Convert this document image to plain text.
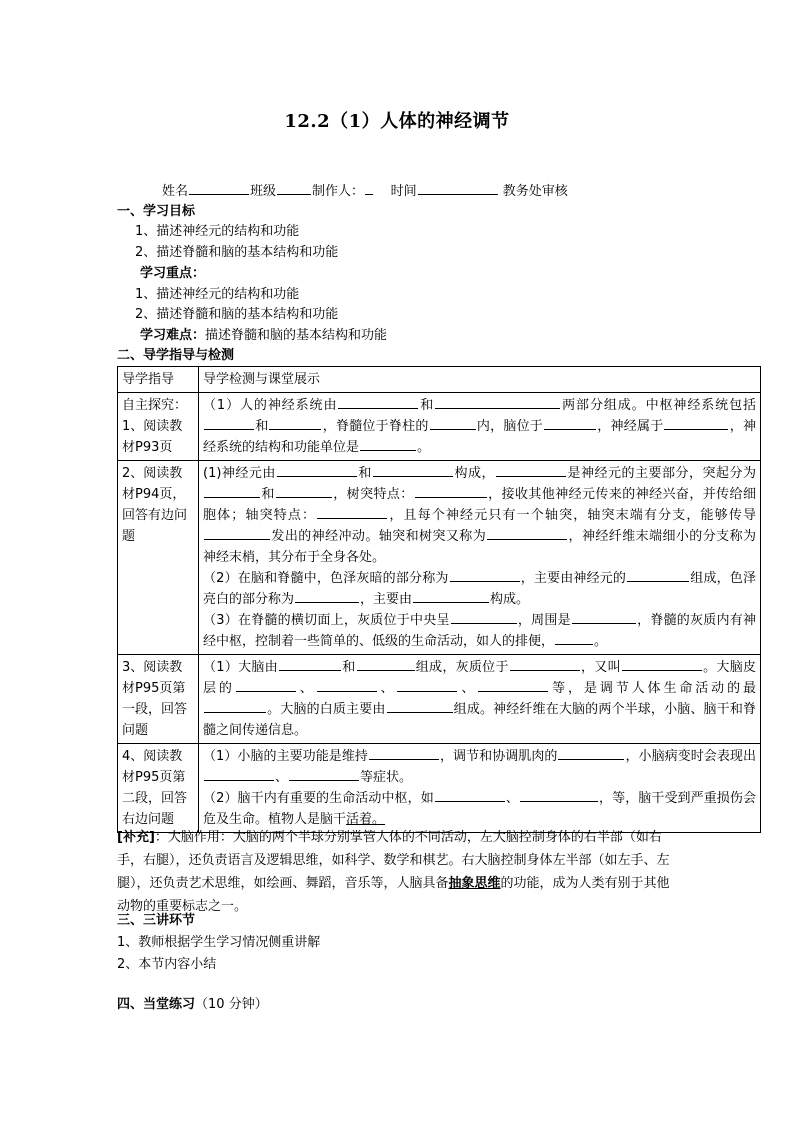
12.2（1）人体的神经调节
姓名	班级	制作人： 时间	教务处审核
一、学习目标
1、描述神经元的结构和功能
2、描述脊髓和脑的基本结构和功能
学习重点：
1、描述神经元的结构和功能
2、描述脊髓和脑的基本结构和功能
学习难点：描述脊髓和脑的基本结构和功能
二、导学指导与检测
导学指导	导学检测与课堂展示
自主探究：1、阅读教材P93页	（1）人的神经系统由 和 两部分组成。中枢神经系统包括和 ，脊髓位于脊柱的 内，脑位于 ，神经属于 ，神经系统的结构和功能单位是 。
2、阅读教材P94页，回答有边问题	(1)神经元由 和 构成， 是神经元的主要部分，突起分为和 ，树突特点： ，接收其他神经元传来的神经兴奋，并传给细胞体；轴突特点： ，且每个神经元只有一个轴突，轴突末端有分支，能够传导发出的神经冲动。轴突和树突又称为 ，神经纤维末端细小的分支称为神经末梢，其分布于全身各处。
（2）在脑和脊髓中，色泽灰暗的部分称为 ，主要由神经元的 组成，色泽亮白的部分称为 ，主要由 构成。
（3）在脊髓的横切面上，灰质位于中央呈 ，周围是 ，脊髓的灰质内有神经中枢，控制着一些简单的、低级的生命活动，如人的排便， 。

3、阅读教材P95页第一段，回答问题	（1）大脑由 和 组成，灰质位于 ，又叫 。大脑皮层的 、 、 、 等，是调节人体生命活动的最。大脑的白质主要由 组成。神经纤维在大脑的两个半球，小脑、脑干和脊髓之间传递信息。
4、阅读教材P95页第二段，回答右边问题	（1）小脑的主要功能是维持 ，调节和协调肌肉的 ，小脑病变时会表现出、 等症状。
（2）脑干内有重要的生命活动中枢，如 、 ，等，脑干受到严重损伤会危及生命。植物人是脑干活着。
[补充]：大脑作用：大脑的两个半球分别掌管人体的不同活动，左大脑控制身体的右半部（如右手，右腿），还负责语言及逻辑思维，如科学、数学和棋艺。右大脑控制身体左半部（如左手、左腿），还负责艺术思维，如绘画、舞蹈，音乐等，人脑具备抽象思维的功能，成为人类有别于其他动物的重要标志之一。
三、三讲环节
1、教师根据学生学习情况侧重讲解
2、本节内容小结
四、当堂练习（10 分钟）
